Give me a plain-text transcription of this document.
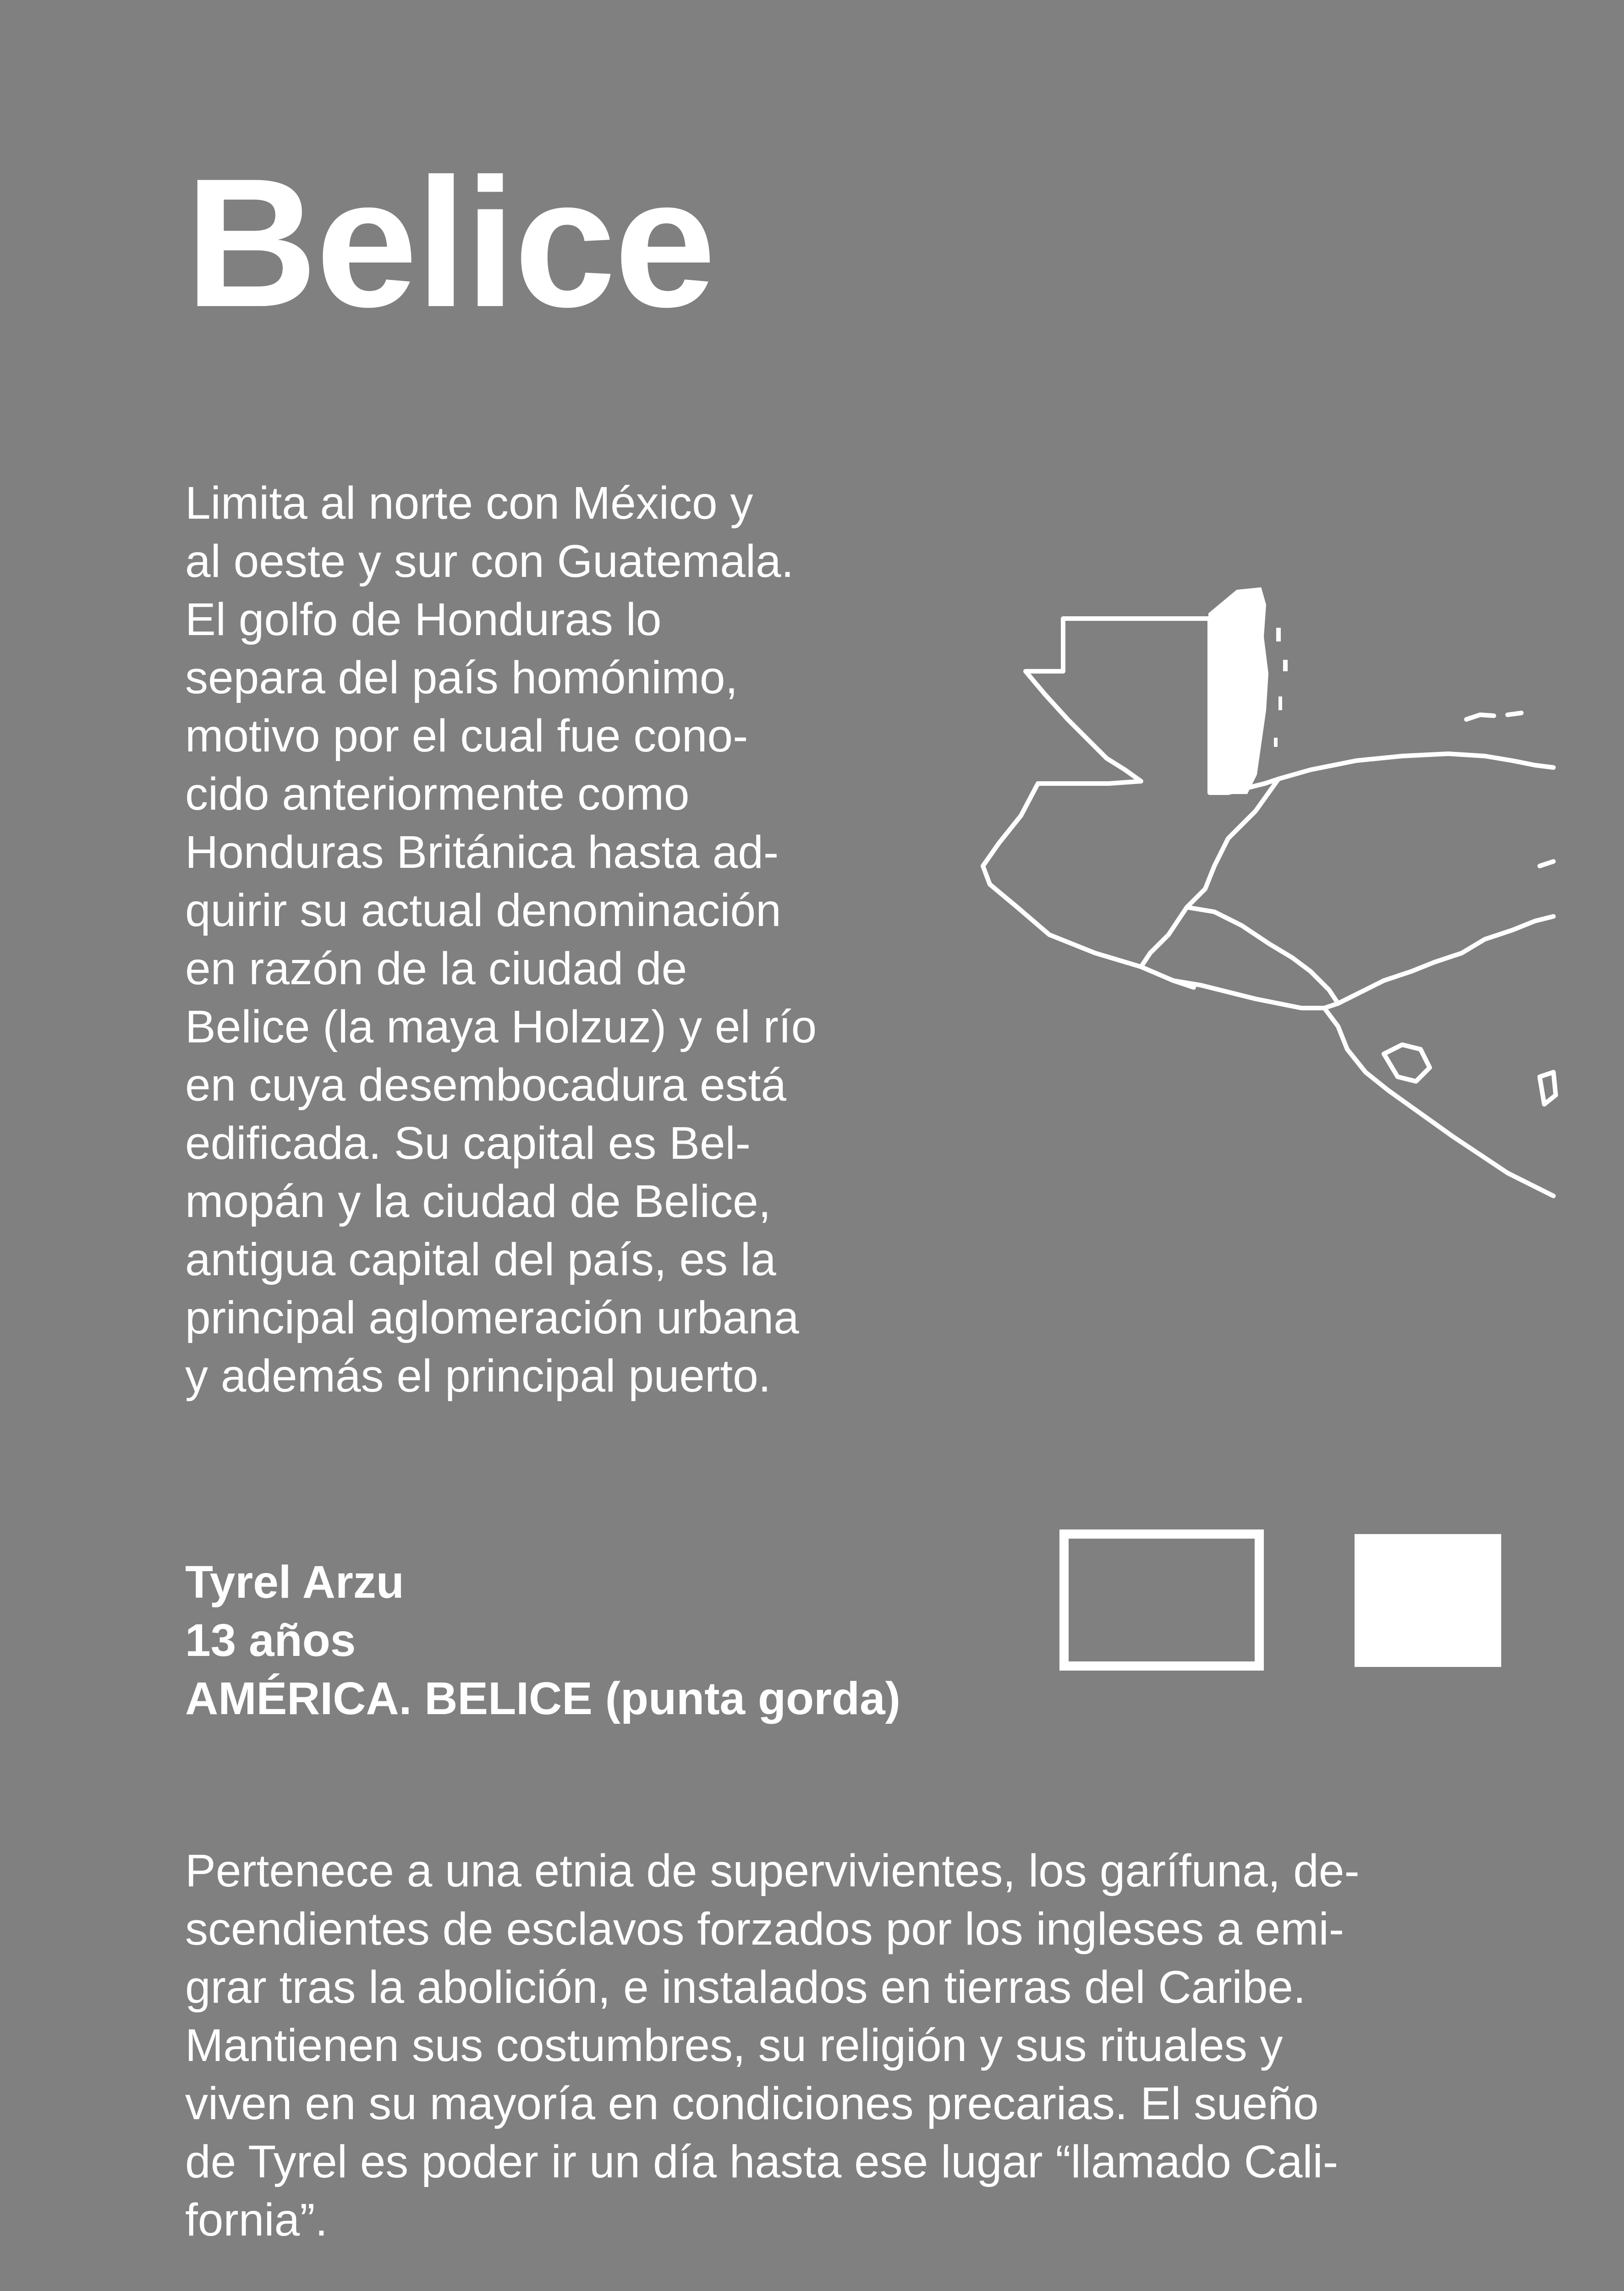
Belice

Limita al norte con México y
al oeste y sur con Guatemala.
El golfo de Honduras lo
separa del país homónimo,
motivo por el cual fue cono-
cido anteriormente como
Honduras Británica hasta ad-
quirir su actual denominación
en razón de la ciudad de
Belice (la maya Holzuz) y el río
en cuya desembocadura está
edificada. Su capital es Bel-
mopán y la ciudad de Belice,
antigua capital del país, es la
principal aglomeración urbana
y además el principal puerto.

Tyrel Arzu
13 años
AMÉRICA. BELICE (punta gorda)

Pertenece a una etnia de supervivientes, los garífuna, de-
scendientes de esclavos forzados por los ingleses a emi-
grar tras la abolición, e instalados en tierras del Caribe.
Mantienen sus costumbres, su religión y sus rituales y
viven en su mayoría en condiciones precarias. El sueño
de Tyrel es poder ir un día hasta ese lugar “llamado Cali-
fornia”.
